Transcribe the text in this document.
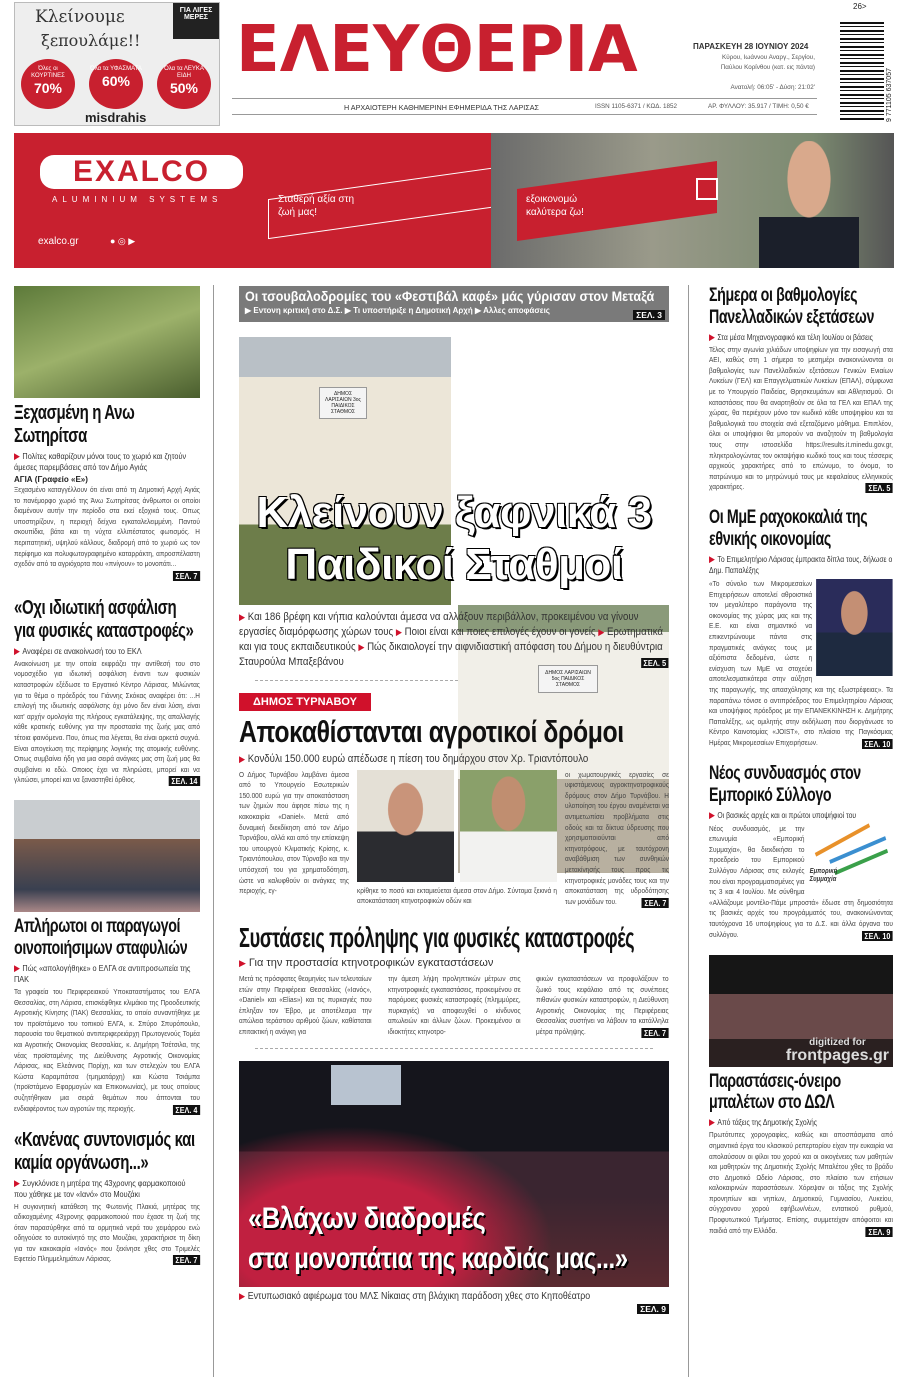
ΓΙΑ ΛΙΓΕΣ ΜΕΡΕΣ
Κλείνουμε
ξεπουλάμε!!
Όλες οι ΚΟΥΡΤΙΝΕΣ
70%
Όλα τα ΥΦΑΣΜΑΤΑ
60%
Όλα τα ΛΕΥΚΑ ΕΙΔΗ
50%
misdrahis
ΕΛΕΥΘΕΡΙΑ	ΠΑΡΑΣΚΕΥΗ 28 ΙΟΥΝΙΟΥ 2024
Κύρου, Ιωάννου Αναργ., Σεργίου, Παύλου Κορίνθου (κατ. εις πάντα)
Ανατολή: 06:05' - Δύση: 21:02'
Η ΑΡΧΑΙΟΤΕΡΗ ΚΑΘΗΜΕΡΙΝΗ ΕΦΗΜΕΡΙΔΑ ΤΗΣ ΛΑΡΙΣΑΣ	ISSN 1105-6371 / ΚΩΔ. 1852	ΑΡ. ΦΥΛΛΟΥ: 35.917 / ΤΙΜΗ: 0,50 €
26>
9 771105 637057
EXALCO
ALUMINIUM SYSTEMS
exalco.gr	● ◎ ▶
Σταθερή αξία στη ζωή μας!
εξοικονομώ καλύτερα ζω!
Ξεχασμένη η Ανω Σωτηρίτσα
▶ Πολίτες καθαρίζουν μόνοι τους το χωριό και ζητούν άμεσες παρεμβάσεις από τον Δήμο Αγιάς
ΑΓΙΑ (Γραφείο «Ε»)
Ξεχασμένο καταγγέλλουν ότι είναι από τη Δημοτική Αρχή Αγιάς το πανέμορφο χωριό της Άνω Σωτηρίτσας άνθρωποι οι οποίοι διαμένουν αυτήν την περίοδο στα εκεί εξοχικά τους. Οπως υποστηρίζουν, η περιοχή δείχνει εγκαταλελειμμένη. Παντού σκουπίδια, βάτα και τη νύχτα ελλιπέστατος φωτισμός. Η περιπατητική, υψηλού κάλλους, διαδρομή από το χωριό ως τον περίφημο και πολυφωτογραφημένο καταρράκτη, απροσπέλαστη σχεδόν από τα αγριόχορτα που «πνίγουν» το μονοπάτι...
ΣΕΛ. 7
«Οχι ιδιωτική ασφάλιση για φυσικές καταστροφές»
▶ Αναφέρει σε ανακοίνωσή του το ΕΚΛ
Ανακοίνωση με την οποία εκφράζει την αντίθεσή του στο νομοσχέδιο για ιδιωτική ασφάλιση έναντι των φυσικών καταστροφών εξέδωσε το Εργατικό Κέντρο Λάρισας. Μιλώντας για το θέμα ο πρόεδρός του Γιάννης Σκόκας αναφέρει ότι: ...Η επιλογή της ιδιωτικής ασφάλισης όχι μόνο δεν είναι λύση, είναι κατ' αρχήν ομολογία της πλήρους εγκατάλειψης, της απαλλαγής κάθε κρατικής ευθύνης για την προστασία της ζωής μας από τέτοια φαινόμενα. Που, όπως πια λέγεται, θα είναι αρκετά συχνά. Είναι απογείωση της περίφημης λογικής της ατομικής ευθύνης. Οπως συμβαίνει ήδη για μια σειρά ανάγκες μας στη ζωή μας θα συμβαίνει κι εδώ. Οποιος έχει να πληρώσει, μπορεί και να γλιτώσει, μπορεί και να ξαναστηθεί όρθιος.	ΣΕΛ. 14
Απλήρωτοι οι παραγωγοί οινοποιήσιμων σταφυλιών
▶ Πώς «απολογήθηκε» ο ΕΛΓΑ σε αντιπροσωπεία της ΠΑΚ
Τα γραφεία του Περιφερειακού Υποκαταστήματος του ΕΛΓΑ Θεσσαλίας, στη Λάρισα, επισκέφθηκε κλιμάκιο της Προοδευτικής Αγροτικής Κίνησης (ΠΑΚ) Θεσσαλίας, το οποίο συναντήθηκε με τον προϊστάμενο του τοπικού ΕΛΓΑ, κ. Σπύρο Σπυρόπουλο, παρουσία του θεματικού αντιπεριφερειάρχη Πρωτογενούς Τομέα και Αγροτικής Οικονομίας Θεσσαλίας, κ. Δημήτρη Τσέτσιλα, της νέας προϊσταμένης της Διεύθυνσης Αγροτικής Οικονομίας Λάρισας, κας Ελεάννας Πορίχη, και των στελεχών του ΕΛΓΑ Κώστα Καραμπάτσα (τμηματάρχη) και Κώστα Τσιάμπα (προϊστάμενο Εφαρμογών και Επικοινωνίας), με τους οποίους συζητήθηκαν μια σειρά θεμάτων που άπτονται του ενδιαφέροντος των αγροτών της περιοχής.	ΣΕΛ. 4
«Κανένας συντονισμός και καμία οργάνωση...»
▶ Συγκλόνισε η μητέρα της 43χρονης φαρμακοποιού που χάθηκε με τον «Ιανό» στο Μουζάκι
Η συγκινητική κατάθεση της Φωτεινής Πλακιά, μητέρας της αδικοχαμένης 43χρονης φαρμακοποιού που έχασε τη ζωή της όταν παρασύρθηκε από τα ορμητικά νερά του χειμάρρου ενώ οδηγούσε το αυτοκίνητό της στο Μουζάκι, χαρακτήρισε τη δίκη για τον κακοκαιρία «Ιανός» που ξεκίνησε χθες στο Τριμελές Εφετείο Πλημμελημάτων Λάρισας.	ΣΕΛ. 7
Οι τσουβαλοδρομίες του «Φεστιβάλ καφέ» μάς γύρισαν στον Μεταξά
▶ Εντονη κριτική στο Δ.Σ. ▶ Τι υποστήριξε η Δημοτική Αρχή ▶ Αλλες αποφάσεις	ΣΕΛ. 3
ΔΗΜΟΣ ΛΑΡΙΣΑΙΩΝ 3ος ΠΑΙΔΙΚΟΣ ΣΤΑΘΜΟΣ
ΔΗΜΟΣ ΛΑΡΙΣΑΙΩΝ 5ος ΠΑΙΔΙΚΟΣ ΣΤΑΘΜΟΣ
Κλείνουν ξαφνικά 3 Παιδικοί Σταθμοί
▶ Και 186 βρέφη και νήπια καλούνται άμεσα να αλλάξουν περιβάλλον, προκειμένου να γίνουν εργασίες διαμόρφωσης χώρων τους ▶ Ποιοι είναι και ποιες επιλογές έχουν οι γονείς ▶ Ερωτηματικά και για τους εκπαιδευτικούς ▶ Πώς δικαιολογεί την αιφνιδιαστική απόφαση του Δήμου η διευθύντρια Σταυρούλα Μπαξεβάνου	ΣΕΛ. 5
ΔΗΜΟΣ ΤΥΡΝΑΒΟΥ
Αποκαθίστανται αγροτικοί δρόμοι
▶ Κονδύλι 150.000 ευρώ απέδωσε η πίεση του δημάρχου στον Χρ. Τριαντόπουλο
Ο Δήμος Τυρνάβου λαμβάνει άμεσα από το Υπουργείο Εσωτερικών 150.000 ευρώ για την αποκατάσταση των ζημιών που άφησε πίσω της η κακοκαιρία «Daniel». Μετά από δυναμική διεκδίκηση από τον Δήμο Τυρνάβου, αλλά και από την επίσκεψη του υπουργού Κλιματικής Κρίσης, κ. Τριαντόπουλου, στον Τύρναβο και την υπόσχεσή του για χρηματοδότηση, ώστε να καλυφθούν οι ανάγκες της περιοχής, εγ-	κρίθηκε το ποσό και εκταμιεύεται άμεσα στον Δήμο. Σύντομα ξεκινά η αποκατάσταση κτηνοτροφικών οδών και
οι χωματουργικές εργασίες σε υφιστάμενους αγροκτηνοτροφικούς δρόμους στον Δήμο Τυρνάβου. Η υλοποίηση του έργου αναμένεται να αντιμετωπίσει προβλήματα στις οδούς και τα δίκτυα ύδρευσης που χρησιμοποιούνται από κτηνοτρόφους, με ταυτόχρονη αναβάθμιση των συνθηκών μετακίνησής τους προς τις κτηνοτροφικές μονάδες τους και την αποκατάσταση της υδροδότησης των μονάδων του.	ΣΕΛ. 7
Συστάσεις πρόληψης για φυσικές καταστροφές
▶ Για την προστασία κτηνοτροφικών εγκαταστάσεων
Μετά τις πρόσφατες θεομηνίες των τελευταίων ετών στην Περιφέρεια Θεσσαλίας («Ιανός», «Daniel» και «Elias») και τις πυρκαγιές που έπληξαν τον Έβρο, με αποτέλεσμα την απώλεια τεράστιου αριθμού ζώων, καθίσταται επιτακτική η ανάγκη για
την άμεση λήψη προληπτικών μέτρων στις κτηνοτροφικές εγκαταστάσεις, προκειμένου σε παρόμοιες φυσικές καταστροφές (πλημμύρες, πυρκαγιές) να αποφευχθεί ο κίνδυνος απωλειών και άλλων ζώων. Προκειμένου οι ιδιοκτήτες κτηνοτρο-
φικών εγκαταστάσεων να προφυλάξουν το ζωικό τους κεφάλαιο από τις συνέπειες πιθανών φυσικών καταστροφών, η Διεύθυνση Αγροτικής Οικονομίας της Περιφέρειας Θεσσαλίας συστήνει να λάβουν τα κατάλληλα μέτρα πρόληψης.	ΣΕΛ. 7
«Βλάχων διαδρομές
στα μονοπάτια της καρδιάς μας...»
▶ Εντυπωσιακό αφιέρωμα του ΜΛΣ Νίκαιας στη βλάχικη παράδοση χθες στο Κηποθέατρο
ΣΕΛ. 9
Σήμερα οι βαθμολογίες Πανελλαδικών εξετάσεων
▶ Στα μέσα Μηχανογραφικό και τέλη Ιουλίου οι βάσεις
Τέλος στην αγωνία χιλιάδων υποψηφίων για την εισαγωγή στα ΑΕΙ, καθώς στη 1 σήμερα το μεσημέρι ανακοινώνονται οι βαθμολογίες των Πανελλαδικών εξετάσεων Γενικών Ενιαίων Λυκείων (ΓΕΛ) και Επαγγελματικών Λυκείων (ΕΠΑΛ), σύμφωνα με το Υπουργείο Παιδείας, Θρησκευμάτων και Αθλητισμού. Οι καταστάσεις που θα αναρτηθούν σε όλα τα ΓΕΛ και ΕΠΑΛ της χώρας, θα περιέχουν μόνο τον κωδικό κάθε υποψηφίου και τα βαθμολογικά του στοιχεία ανά εξεταζόμενο μάθημα. Επιπλέον, όλοι οι υποψήφιοι θα μπορούν να αναζητούν τη βαθμολογία τους στην ιστοσελίδα https://results.it.minedu.gov.gr, πληκτρολογώντας τον οκταψήφιο κωδικό τους και τους τέσσερις αρχικούς χαρακτήρες από το επώνυμο, το όνομα, το πατρώνυμο και το μητρώνυμό τους με κεφαλαίους ελληνικούς χαρακτήρες.	ΣΕΛ. 5
Οι ΜμΕ ραχοκοκαλιά της εθνικής οικονομίας
▶ Το Επιμελητήριο Λάρισας έμπρακτα δίπλα τους, δήλωσε ο Δημ. Παπαλέξης
«Το σύνολο των Μικρομεσαίων Επιχειρήσεων αποτελεί αθροιστικά τον μεγαλύτερο παράγοντα της οικονομίας της χώρας μας και της Ε.Ε. και είναι σημαντικό να επικεντρώνουμε πάντα στις πραγματικές ανάγκες τους με αξιόπιστα δεδομένα, ώστε η ενίσχυση των ΜμΕ να στοχεύει αποτελεσματικότερα στην αύξηση της παραγωγής, της απασχόλησης και της εξωστρέφειας». Τα παραπάνω τόνισε ο αντιπρόεδρος του Επιμελητηρίου Λάρισας και υποψήφιος πρόεδρος με την ΕΠΑΝΕΚΚΙΝΗΣΗ κ. Δημήτρης Παπαλέξης, ως ομιλητής στην εκδήλωση που διοργάνωσε το Κέντρο Καινοτομίας «JOIST», στο πλαίσιο της Παγκόσμιας Ημέρας Μικρομεσαίων Επιχειρήσεων.	ΣΕΛ. 10
Νέος συνδυασμός στον Εμπορικό Σύλλογο
▶ Οι βασικές αρχές και οι πρώτοι υποψήφιοί του
Εμπορική Συμμαχία
Νέος συνδυασμός, με την επωνυμία «Εμπορική Συμμαχία», θα διεκδικήσει το προεδρείο του Εμπορικού Συλλόγου Λάρισας στις εκλογές που είναι προγραμματισμένες για τις 3 και 4 Ιουλίου. Με σύνθημα «Αλλάζουμε μοντέλο-Πάμε μπροστά» έδωσε στη δημοσιότητα τις βασικές αρχές του προγράμματός του, ανακοινώνοντας ταυτόχρονα 16 υποψηφίους για το Δ.Σ. και άλλα όργανα του συλλόγου.	ΣΕΛ. 10
digitized for
frontpages.gr
Παραστάσεις-όνειρο μπαλέτων στο ΔΩΛ
▶ Από τάξεις της Δημοτικής Σχολής
Πρωτότυπες χορογραφίες, καθώς και αποσπάσματα από σημαντικά έργα του κλασικού ρεπερτορίου είχαν την ευκαιρία να απολαύσουν οι φίλοι του χορού και οι οικογένειες των μαθητών και μαθητριών της Δημοτικής Σχολής Μπαλέτου χθες το βράδυ στο Δημοτικό Ωδείο Λάρισας, στο πλαίσιο των ετήσιων καλοκαιρινών παραστάσεων. Χόρεψαν οι τάξεις της Σχολής προνηπίων και νηπίων, Δημοτικού, Γυμνασίου, Λυκείου, σύγχρονου χορού εφήβων/νέων, εντατικού ρυθμού, Προφυτωτικού Τμήματος. Επίσης, συμμετείχαν απόφοιτοι και παιδιά από την Ελλάδα.	ΣΕΛ. 9
